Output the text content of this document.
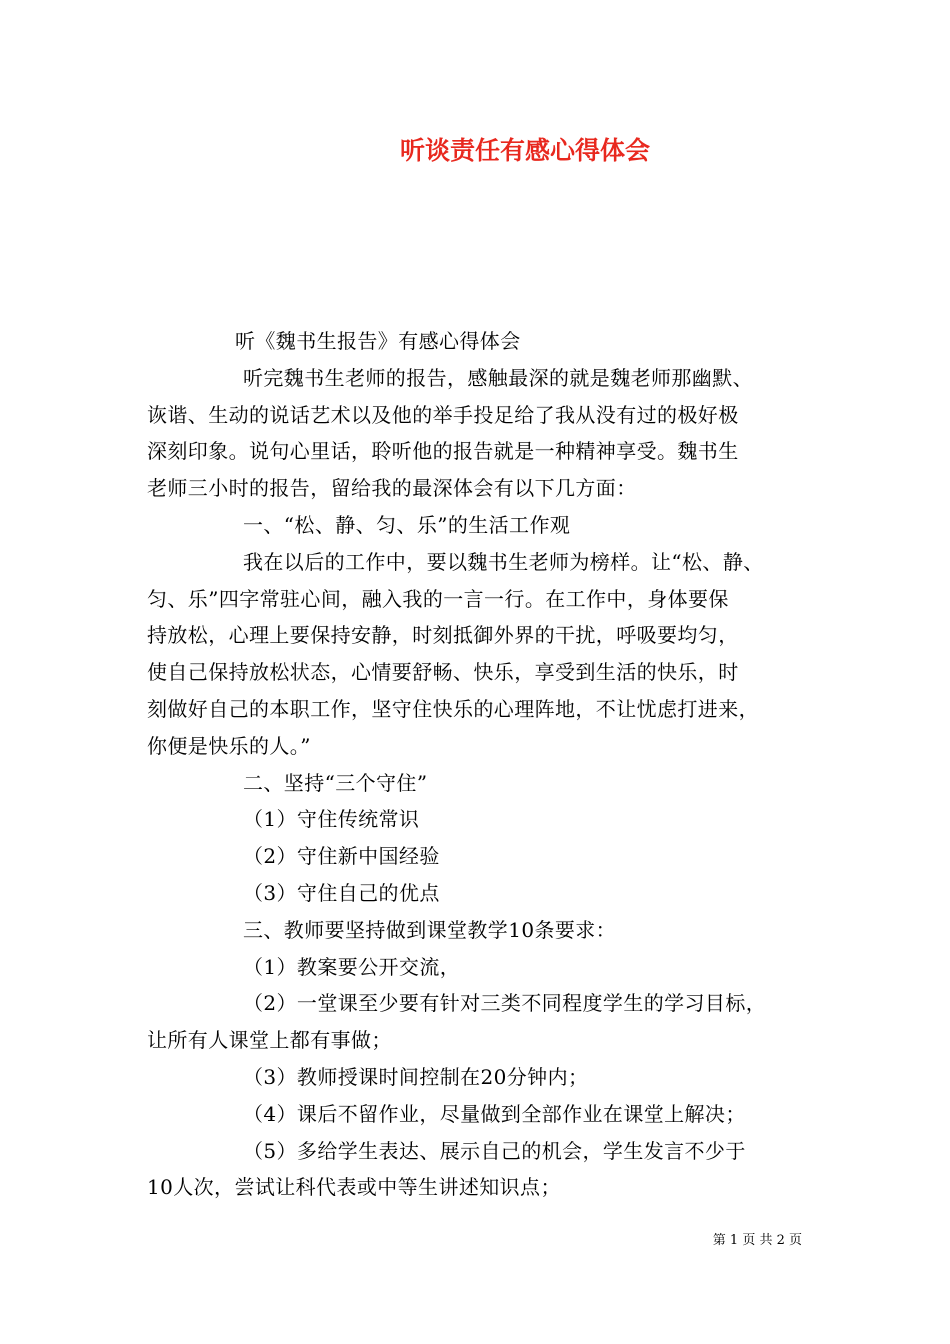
听谈责任有感心得体会
听《魏书生报告》有感心得体会
听完魏书生老师的报告，感触最深的就是魏老师那幽默、
诙谐、生动的说话艺术以及他的举手投足给了我从没有过的极好极
深刻印象。说句心里话，聆听他的报告就是一种精神享受。魏书生
老师三小时的报告，留给我的最深体会有以下几方面：
一、“松、静、匀、乐”的生活工作观
我在以后的工作中，要以魏书生老师为榜样。让“松、静、
匀、乐”四字常驻心间，融入我的一言一行。在工作中，身体要保
持放松，心理上要保持安静，时刻抵御外界的干扰，呼吸要均匀，
使自己保持放松状态，心情要舒畅、快乐，享受到生活的快乐，时
刻做好自己的本职工作，坚守住快乐的心理阵地，不让忧虑打进来，
你便是快乐的人。”
二、坚持“三个守住”
（1）守住传统常识
（2）守住新中国经验
（3）守住自己的优点
三、教师要坚持做到课堂教学10条要求：
（1）教案要公开交流，
（2）一堂课至少要有针对三类不同程度学生的学习目标，
让所有人课堂上都有事做；
（3）教师授课时间控制在20分钟内；
（4）课后不留作业，尽量做到全部作业在课堂上解决；
（5）多给学生表达、展示自己的机会，学生发言不少于
10人次，尝试让科代表或中等生讲述知识点；
第 1 页 共 2 页
